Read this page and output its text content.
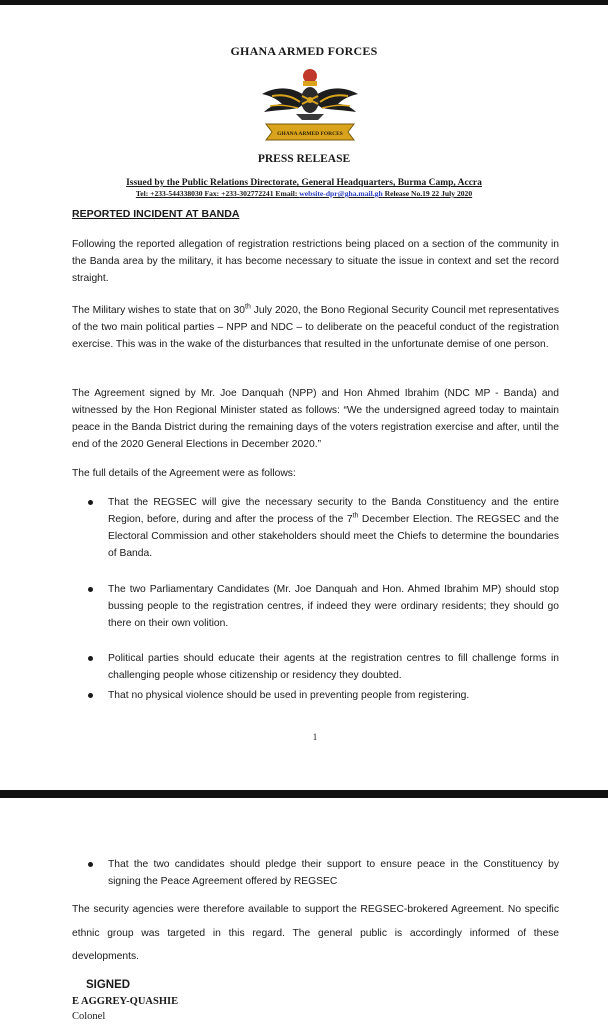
GHANA ARMED FORCES
GHANA ARMED FORCES
PRESS RELEASE
Issued by the Public Relations Directorate, General Headquarters, Burma Camp, Accra
Tel: +233-544338030 Fax: +233-302772241 Email: website-dpr@gha.mail.gh Release No.19 22 July 2020
REPORTED INCIDENT AT BANDA

Following the reported allegation of registration restrictions being placed on a section of the community in the Banda area by the military, it has become necessary to situate the issue in context and set the record straight.

The Military wishes to state that on 30th July 2020, the Bono Regional Security Council met representatives of the two main political parties – NPP and NDC – to deliberate on the peaceful conduct of the registration exercise. This was in the wake of the disturbances that resulted in the unfortunate demise of one person.

The Agreement signed by Mr. Joe Danquah (NPP) and Hon Ahmed Ibrahim (NDC MP - Banda) and witnessed by the Hon Regional Minister stated as follows: “We the undersigned agreed today to maintain peace in the Banda District during the remaining days of the voters registration exercise and after, until the end of the 2020 General Elections in December 2020.”

The full details of the Agreement were as follows:

That the REGSEC will give the necessary security to the Banda Constituency and the entire Region, before, during and after the process of the 7th December Election. The REGSEC and the Electoral Commission and other stakeholders should meet the Chiefs to determine the boundaries of Banda.

The two Parliamentary Candidates (Mr. Joe Danquah and Hon. Ahmed Ibrahim MP) should stop bussing people to the registration centres, if indeed they were ordinary residents; they should go there on their own volition.

Political parties should educate their agents at the registration centres to fill challenge forms in challenging people whose citizenship or residency they doubted.

That no physical violence should be used in preventing people from registering.

1

That the two candidates should pledge their support to ensure peace in the Constituency by signing the Peace Agreement offered by REGSEC

The security agencies were therefore available to support the REGSEC-brokered Agreement. No specific ethnic group was targeted in this regard. The general public is accordingly informed of these developments.

SIGNED
E AGGREY-QUASHIE
Colonel
